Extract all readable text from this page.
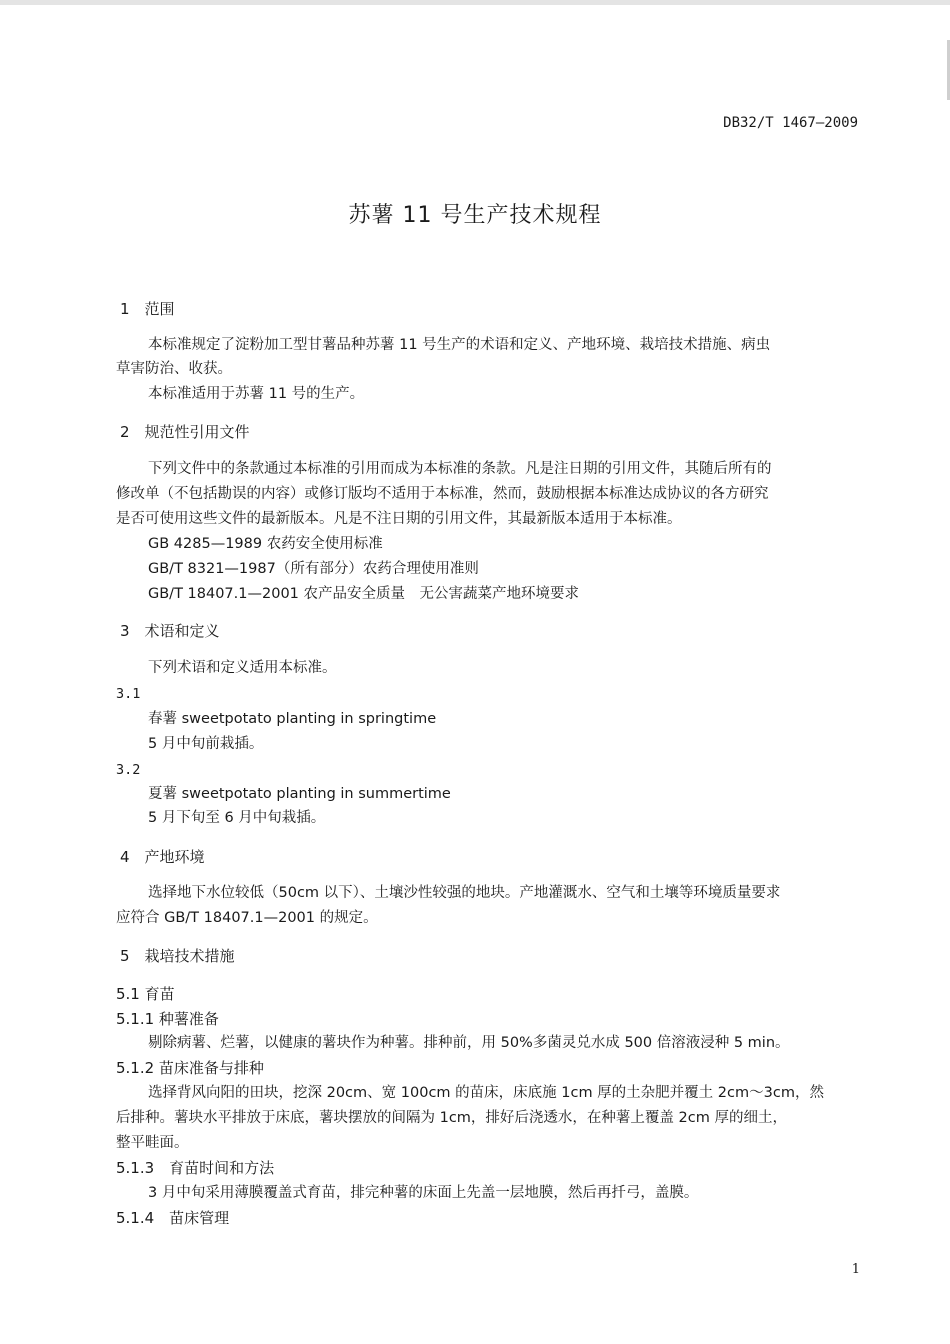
DB32/T 1467—2009
苏薯 11 号生产技术规程
1　范围
本标准规定了淀粉加工型甘薯品种苏薯 11 号生产的术语和定义、产地环境、栽培技术措施、病虫
草害防治、收获。
本标准适用于苏薯 11 号的生产。
2　规范性引用文件
下列文件中的条款通过本标准的引用而成为本标准的条款。凡是注日期的引用文件，其随后所有的
修改单（不包括勘误的内容）或修订版均不适用于本标准，然而，鼓励根据本标准达成协议的各方研究
是否可使用这些文件的最新版本。凡是不注日期的引用文件，其最新版本适用于本标准。
GB 4285—1989 农药安全使用标准
GB/T 8321—1987（所有部分）农药合理使用准则
GB/T 18407.1—2001 农产品安全质量　无公害蔬菜产地环境要求
3　术语和定义
下列术语和定义适用本标准。
3.1
春薯 sweetpotato planting in springtime
5 月中旬前栽插。
3.2
夏薯 sweetpotato planting in summertime
5 月下旬至 6 月中旬栽插。
4　产地环境
选择地下水位较低（50cm 以下）、土壤沙性较强的地块。产地灌溉水、空气和土壤等环境质量要求
应符合 GB/T 18407.1—2001 的规定。
5　栽培技术措施
5.1 育苗
5.1.1 种薯准备
剔除病薯、烂薯，以健康的薯块作为种薯。排种前，用 50%多菌灵兑水成 500 倍溶液浸种 5 min。
5.1.2 苗床准备与排种
选择背风向阳的田块，挖深 20cm、宽 100cm 的苗床，床底施 1cm 厚的土杂肥并覆土 2cm～3cm，然
后排种。薯块水平排放于床底，薯块摆放的间隔为 1cm，排好后浇透水，在种薯上覆盖 2cm 厚的细土，
整平畦面。
5.1.3　育苗时间和方法
3 月中旬采用薄膜覆盖式育苗，排完种薯的床面上先盖一层地膜，然后再扦弓，盖膜。
5.1.4　苗床管理
1
